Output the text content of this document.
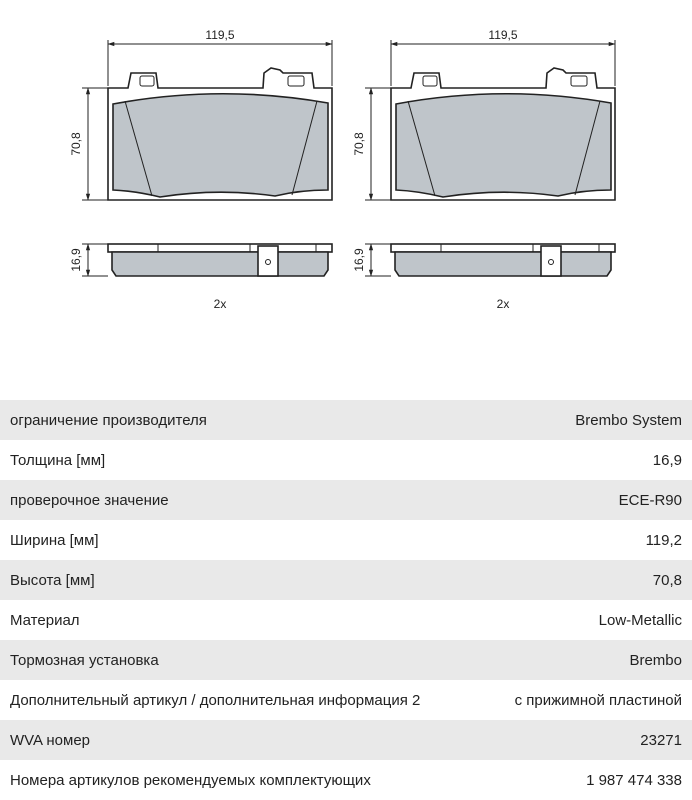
119,5
70,8
16,9
2x
119,5
70,8
16,9
2x
ограничение производителя	Brembo System
Толщина [мм]	16,9
проверочное значение	ECE-R90
Ширина [мм]	119,2
Высота [мм]	70,8
Материал	Low-Metallic
Тормозная установка	Brembo
Дополнительный артикул / дополнительная информация 2	с прижимной пластиной
WVA номер	23271
Номера артикулов рекомендуемых комплектующих	1 987 474 338
